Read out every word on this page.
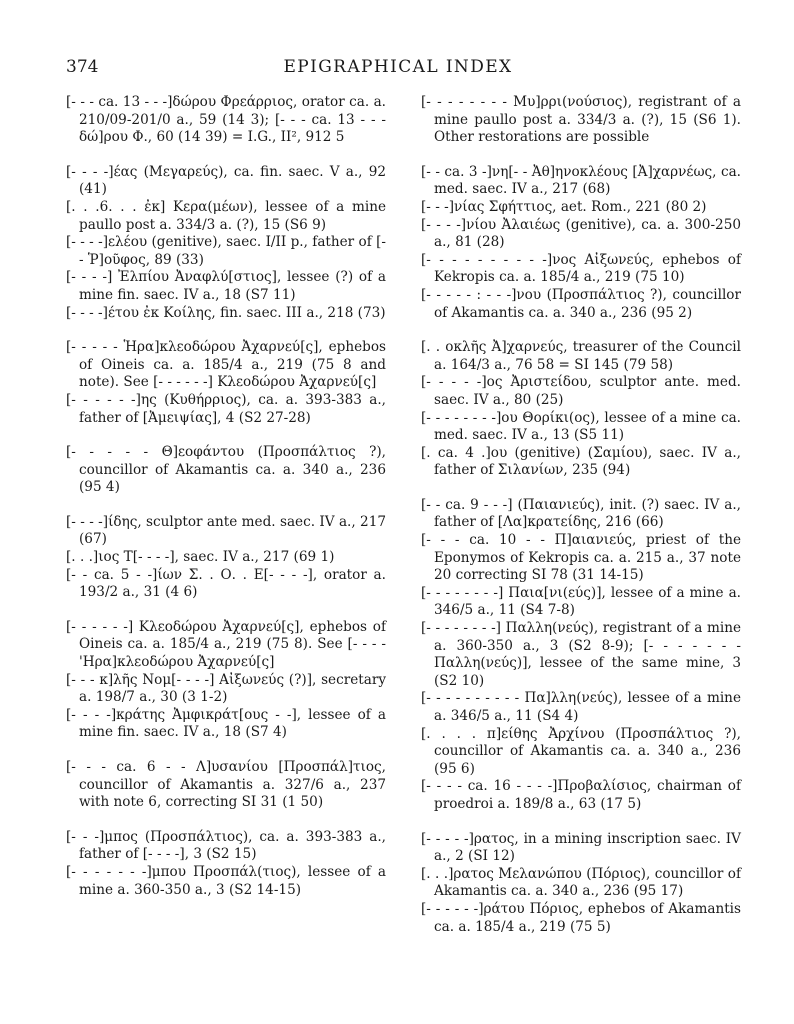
374	EPIGRAPHICAL INDEX

[- - - ca. 13 - - -]δώρου Φρεάρριος, orator ca. a. 210/09-201/0 a., 59 (14 3); [- - - ca. 13 - - - δώ]ρου Φ., 60 (14 39) = I.G., II², 912 5

[- - - -]έας (Μεγαρεύς), ca. fin. saec. V a., 92 (41)

[. . .6. . . ἐκ] Κερα(μέων), lessee of a mine paullo post a. 334/3 a. (?), 15 (S6 9)

[- - - -]ελέου (genitive), saec. I/II p., father of [- - Ῥ]οῦφος, 89 (33)

[- - - -] Ἐλπίου Ἀναφλύ[στιος], lessee (?) of a mine fin. saec. IV a., 18 (S7 11)

[- - - -]έτου ἐκ Κοίλης, fin. saec. III a., 218 (73)

[- - - - - Ἡρα]κλεοδώρου Ἀχαρνεύ[ς], ephebos of Oineis ca. a. 185/4 a., 219 (75 8 and note). See [- - - - - -] Κλεοδώρου Ἀχαρνεύ[ς]

[- - - - - -]ης (Κυθήρριος), ca. a. 393-383 a., father of [Ἀμειψίας], 4 (S2 27-28)

[- - - - - Θ]εοφάντου (Προσπάλτιος ?), councillor of Akamantis ca. a. 340 a., 236 (95 4)

[- - - -]ίδης, sculptor ante med. saec. IV a., 217 (67)

[. . .]ιος Τ[- - - -], saec. IV a., 217 (69 1)

[- - ca. 5 - -]ίων Σ. . Ο. . Ε[- - - -], orator a. 193/2 a., 31 (4 6)

[- - - - - -] Κλεοδώρου Ἀχαρνεύ[ς], ephebos of Oineis ca. a. 185/4 a., 219 (75 8). See [- - - - 'Ηρα]κλεοδώρου Ἀχαρνεύ[ς]

[- - - κ]λῆς Νομ[- - - -] Αἰξωνεύς (?)], secretary a. 198/7 a., 30 (3 1-2)

[- - - -]κράτης Ἀμφικράτ[ους - -], lessee of a mine fin. saec. IV a., 18 (S7 4)

[- - - ca. 6 - - Λ]υσανίου [Προσπάλ]τιος, councillor of Akamantis a. 327/6 a., 237 with note 6, correcting SI 31 (1 50)

[- - -]μπος (Προσπάλτιος), ca. a. 393-383 a., father of [- - - -], 3 (S2 15)

[- - - - - - -]μπου Προσπάλ(τιος), lessee of a mine a. 360-350 a., 3 (S2 14-15)

[- - - - - - - - Μυ]ρρι(νούσιος), registrant of a mine paullo post a. 334/3 a. (?), 15 (S6 1). Other restorations are possible

[- - ca. 3 -]νη[- - Ἀθ]ηνοκλέους [Ἀ]χαρνέως, ca. med. saec. IV a., 217 (68)

[- - -]νίας Σφήττιος, aet. Rom., 221 (80 2)

[- - - -]νίου Ἀλαιέως (genitive), ca. a. 300-250 a., 81 (28)

[- - - - - - - - - -]νος Αἰξωνεύς, ephebos of Kekropis ca. a. 185/4 a., 219 (75 10)

[- - - - - : - - -]νου (Προσπάλτιος ?), councillor of Akamantis ca. a. 340 a., 236 (95 2)

[. . οκλῆς Ἀ]χαρνεύς, treasurer of the Council a. 164/3 a., 76 58 = SI 145 (79 58)

[- - - - -]ος Ἀριστείδου, sculptor ante. med. saec. IV a., 80 (25)

[- - - - - - - -]ου Θορίκι(ος), lessee of a mine ca. med. saec. IV a., 13 (S5 11)

[. ca. 4 .]ου (genitive) (Σαμίου), saec. IV a., father of Σιλανίων, 235 (94)

[- - ca. 9 - - -] (Παιανιεύς), init. (?) saec. IV a., father of [Λα]κρατείδης, 216 (66)

[- - - ca. 10 - - Π]αιανιεύς, priest of the Eponymos of Kekropis ca. a. 215 a., 37 note 20 correcting SI 78 (31 14-15)

[- - - - - - - -] Παια[νι(εύς)], lessee of a mine a. 346/5 a., 11 (S4 7-8)

[- - - - - - - -] Παλλη(νεύς), registrant of a mine a. 360-350 a., 3 (S2 8-9); [- - - - - - - Παλλη(νεύς)], lessee of the same mine, 3 (S2 10)

[- - - - - - - - - - Πα]λλη(νεύς), lessee of a mine a. 346/5 a., 11 (S4 4)

[. . . . π]είθης Ἀρχίνου (Προσπάλτιος ?), councillor of Akamantis ca. a. 340 a., 236 (95 6)

[- - - - ca. 16 - - - -]Προβαλίσιος, chairman of proedroi a. 189/8 a., 63 (17 5)

[- - - - -]ρατος, in a mining inscription saec. IV a., 2 (SI 12)

[. . .]ρατος Μελανώπου (Πόριος), councillor of Akamantis ca. a. 340 a., 236 (95 17)

[- - - - - -]ράτου Πόριος, ephebos of Akamantis ca. a. 185/4 a., 219 (75 5)
